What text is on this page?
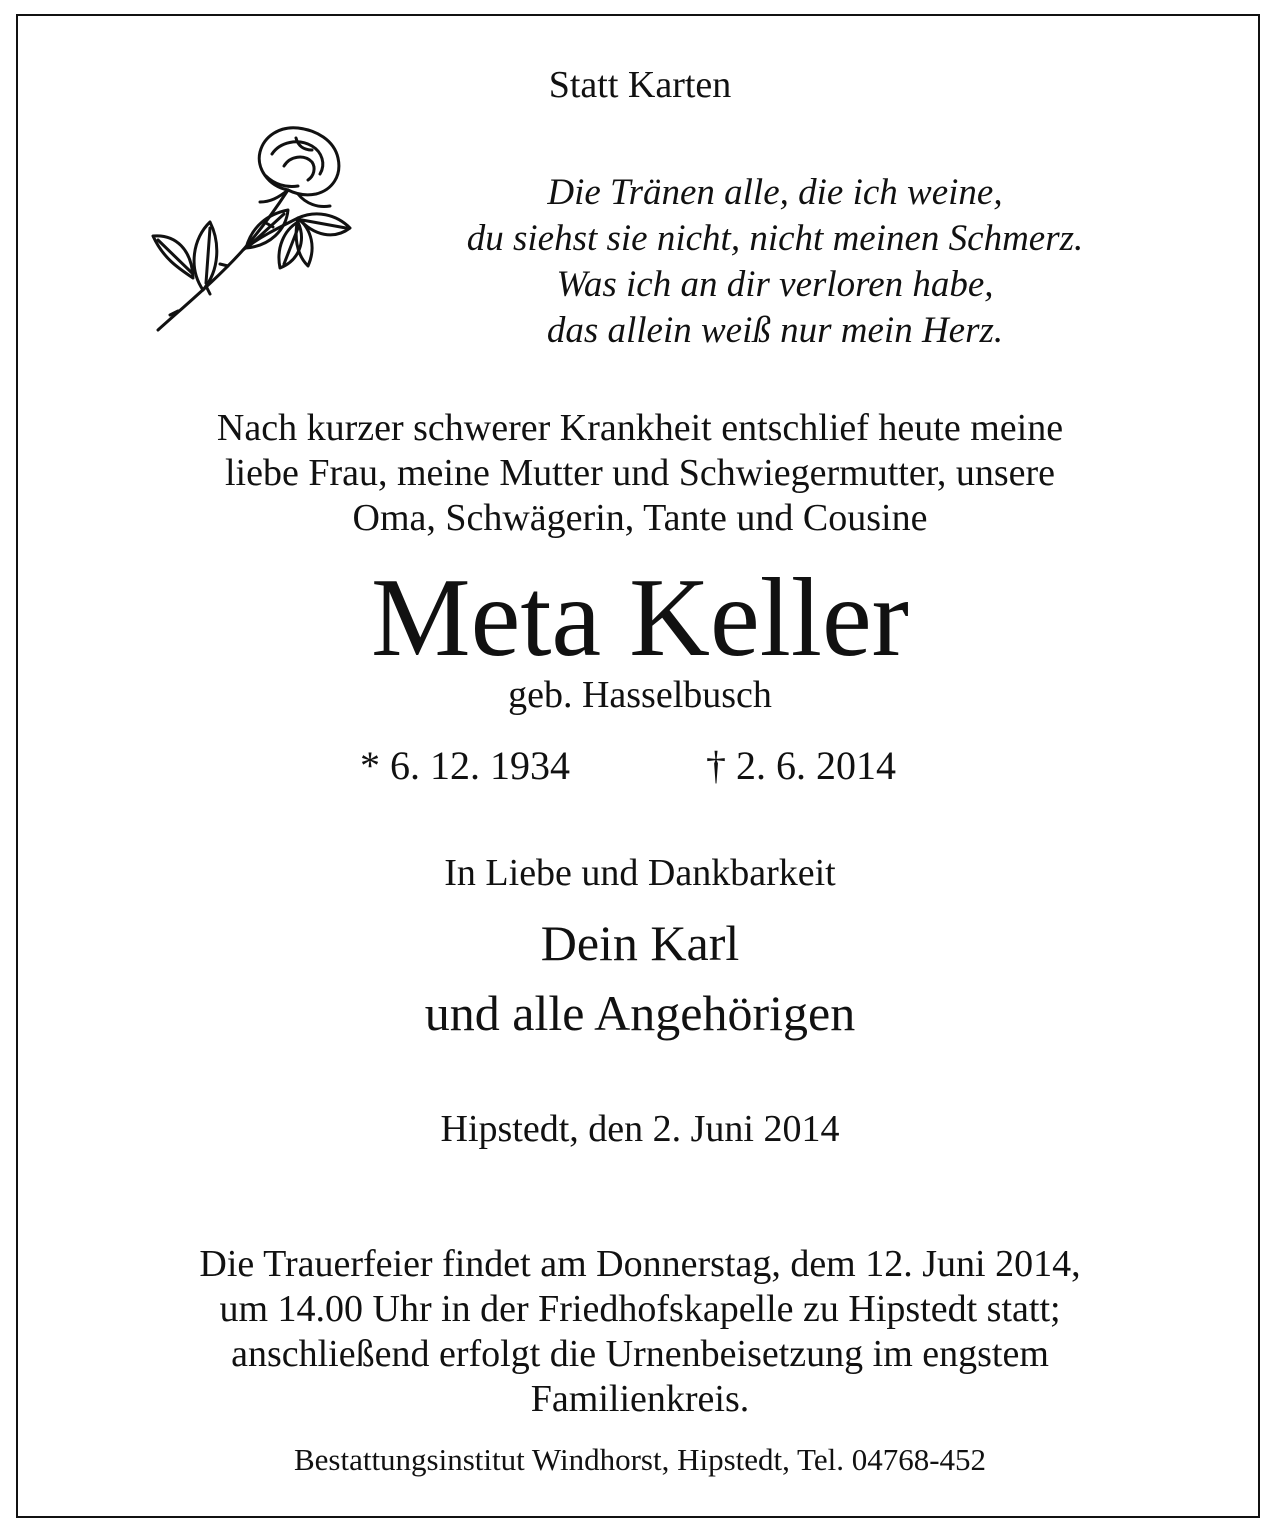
Statt Karten
Die Tränen alle, die ich weine,
du siehst sie nicht, nicht meinen Schmerz.
Was ich an dir verloren habe,
das allein weiß nur mein Herz.
Nach kurzer schwerer Krankheit entschlief heute meine
liebe Frau, meine Mutter und Schwiegermutter, unsere
Oma, Schwägerin, Tante und Cousine
Meta Keller
geb. Hasselbusch
* 6. 12. 1934	† 2. 6. 2014
In Liebe und Dankbarkeit
Dein Karl
und alle Angehörigen
Hipstedt, den 2. Juni 2014
Die Trauerfeier findet am Donnerstag, dem 12. Juni 2014,
um 14.00 Uhr in der Friedhofskapelle zu Hipstedt statt;
anschließend erfolgt die Urnenbeisetzung im engstem
Familienkreis.
Bestattungsinstitut Windhorst, Hipstedt, Tel. 04768-452
